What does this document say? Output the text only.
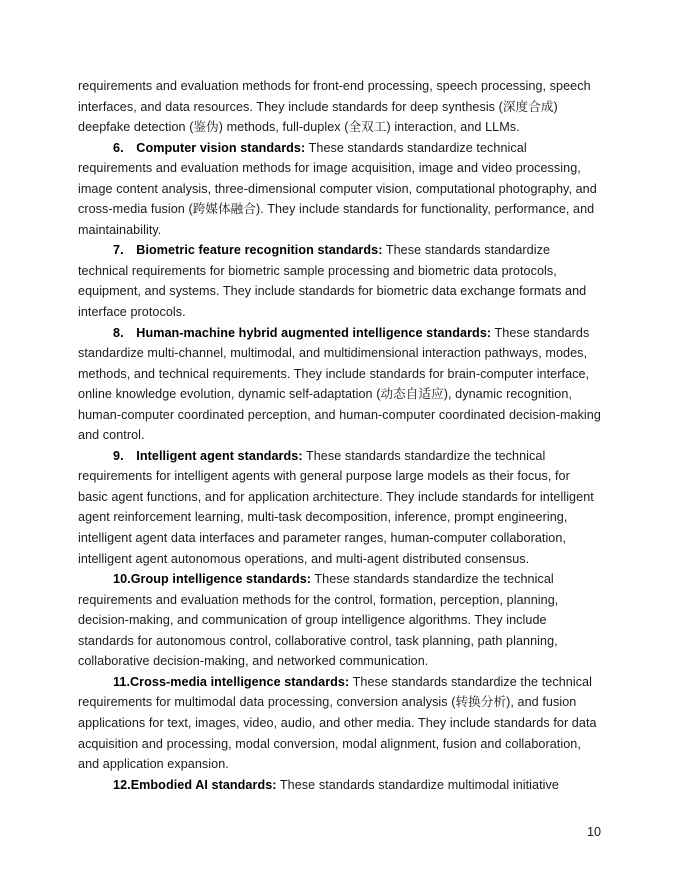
requirements and evaluation methods for front-end processing, speech processing, speech interfaces, and data resources. They include standards for deep synthesis (深度合成) deepfake detection (鉴伪) methods, full-duplex (全双工) interaction, and LLMs.

6. Computer vision standards: These standards standardize technical requirements and evaluation methods for image acquisition, image and video processing, image content analysis, three-dimensional computer vision, computational photography, and cross-media fusion (跨媒体融合). They include standards for functionality, performance, and maintainability.

7. Biometric feature recognition standards: These standards standardize technical requirements for biometric sample processing and biometric data protocols, equipment, and systems. They include standards for biometric data exchange formats and interface protocols.

8. Human-machine hybrid augmented intelligence standards: These standards standardize multi-channel, multimodal, and multidimensional interaction pathways, modes, methods, and technical requirements. They include standards for brain-computer interface, online knowledge evolution, dynamic self-adaptation (动态自适应), dynamic recognition, human-computer coordinated perception, and human-computer coordinated decision-making and control.

9. Intelligent agent standards: These standards standardize the technical requirements for intelligent agents with general purpose large models as their focus, for basic agent functions, and for application architecture. They include standards for intelligent agent reinforcement learning, multi-task decomposition, inference, prompt engineering, intelligent agent data interfaces and parameter ranges, human-computer collaboration, intelligent agent autonomous operations, and multi-agent distributed consensus.

10.Group intelligence standards: These standards standardize the technical requirements and evaluation methods for the control, formation, perception, planning, decision-making, and communication of group intelligence algorithms. They include standards for autonomous control, collaborative control, task planning, path planning, collaborative decision-making, and networked communication.

11.Cross-media intelligence standards: These standards standardize the technical requirements for multimodal data processing, conversion analysis (转换分析), and fusion applications for text, images, video, audio, and other media. They include standards for data acquisition and processing, modal conversion, modal alignment, fusion and collaboration, and application expansion.

12.Embodied AI standards: These standards standardize multimodal initiative

10
